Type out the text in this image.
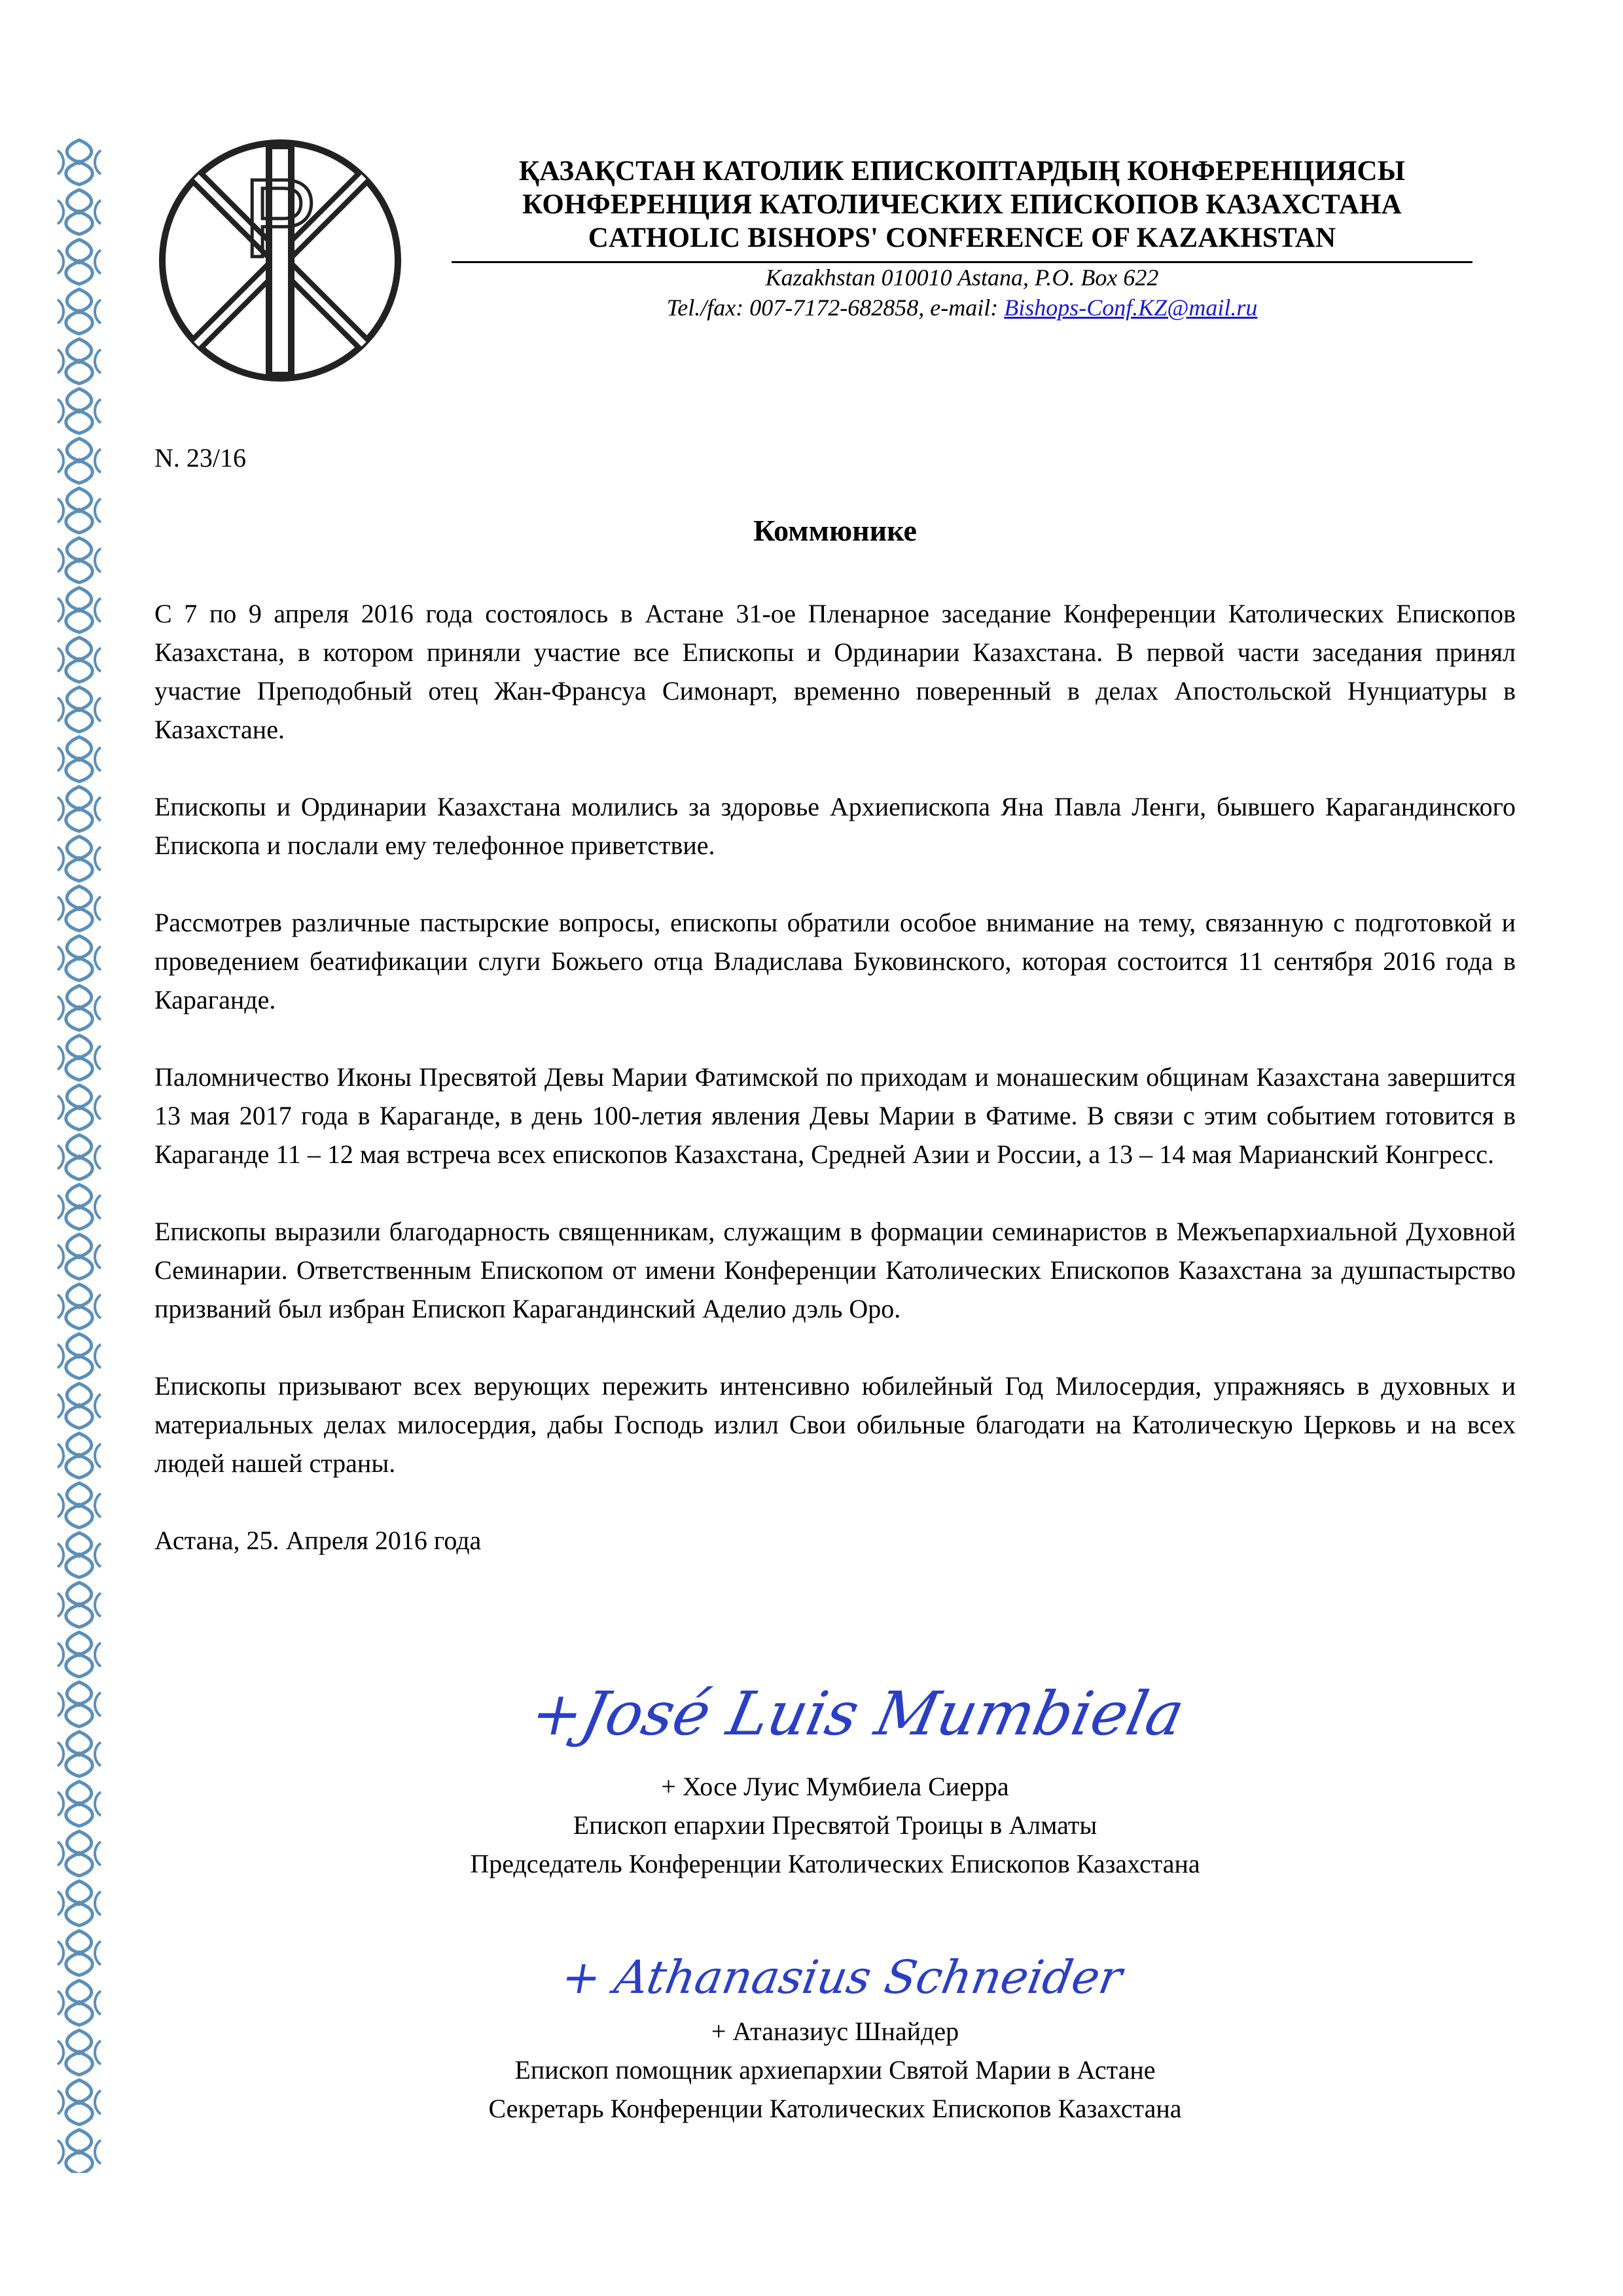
P	ҚАЗАҚСТАН КАТОЛИК ЕПИСКОПТАРДЫҢ КОНФЕРЕНЦИЯСЫ

КОНФЕРЕНЦИЯ КАТОЛИЧЕСКИХ ЕПИСКОПОВ КАЗАХСТАНА

CATHOLIC BISHOPS' CONFERENCE OF KAZAKHSTAN

Kazakhstan 010010 Astana, P.O. Box 622
Tel./fax: 007-7172-682858, e-mail: Bishops-Conf.KZ@mail.ru
N. 23/16
Коммюнике

С 7 по 9 апреля 2016 года состоялось в Астане 31-ое Пленарное заседание Конференции Католических Епископов Казахстана, в котором приняли участие все Епископы и Ординарии Казахстана. В первой части заседания принял участие Преподобный отец Жан-Франсуа Симонарт, временно поверенный в делах Апостольской Нунциатуры в Казахстане.

Епископы и Ординарии Казахстана молились за здоровье Архиепископа Яна Павла Ленги, бывшего Карагандинского Епископа и послали ему телефонное приветствие.

Рассмотрев различные пастырские вопросы, епископы обратили особое внимание на тему, связанную с подготовкой и проведением беатификации слуги Божьего отца Владислава Буковинского, которая состоится 11 сентября 2016 года в Караганде.

Паломничество Иконы Пресвятой Девы Марии Фатимской по приходам и монашеским общинам Казахстана завершится 13 мая 2017 года в Караганде, в день 100-летия явления Девы Марии в Фатиме. В связи с этим событием готовится в Караганде 11 – 12 мая встреча всех епископов Казахстана, Средней Азии и России, а 13 – 14 мая Марианский Конгресс.

Епископы выразили благодарность священникам, служащим в формации семинаристов в Межъепархиальной Духовной Семинарии. Ответственным Епископом от имени Конференции Католических Епископов Казахстана за душпастырство призваний был избран Епископ Карагандинский Аделио дэль Оро.

Епископы призывают всех верующих пережить интенсивно юбилейный Год Милосердия, упражняясь в духовных и материальных делах милосердия, дабы Господь излил Свои обильные благодати на Католическую Церковь и на всех людей нашей страны.

Астана, 25. Апреля 2016 года

+José Luis Mumbiela
+ Хосе Луис Мумбиела Сиерра
Епископ епархии Пресвятой Троицы в Алматы
Председатель Конференции Католических Епископов Казахстана
+ Athanasius Schneider
+ Атаназиус Шнайдер
Епископ помощник архиепархии Святой Марии в Астане
Секретарь Конференции Католических Епископов Казахстана
